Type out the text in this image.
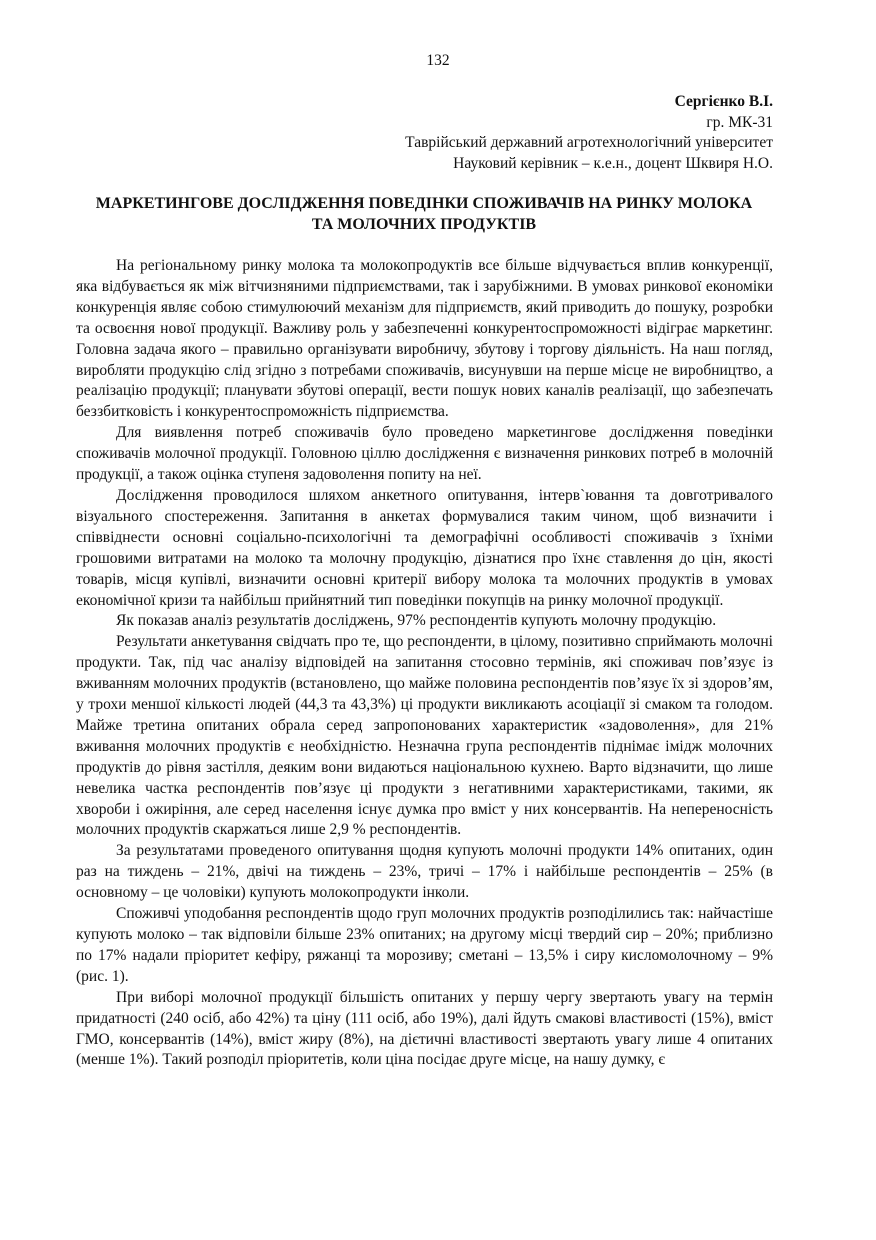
132
Сергієнко В.І.
гр. МК-31
Таврійський державний агротехнологічний університет
Науковий керівник – к.е.н., доцент Шквиря Н.О.
МАРКЕТИНГОВЕ ДОСЛІДЖЕННЯ ПОВЕДІНКИ СПОЖИВАЧІВ НА РИНКУ МОЛОКА
ТА МОЛОЧНИХ ПРОДУКТІВ

На регіональному ринку молока та молокопродуктів все більше відчувається вплив конкуренції, яка відбувається як між вітчизняними підприємствами, так і зарубіжними. В умовах ринкової економіки конкуренція являє собою стимулюючий механізм для підприємств, який приводить до пошуку, розробки та освоєння нової продукції. Важливу роль у забезпеченні конкурентоспроможності відіграє маркетинг. Головна задача якого – правильно організувати виробничу, збутову і торгову діяльність. На наш погляд, виробляти продукцію слід згідно з потребами споживачів, висунувши на перше місце не виробництво, а реалізацію продукції; планувати збутові операції, вести пошук нових каналів реалізації, що забезпечать беззбитковість і конкурентоспроможність підприємства.

Для виявлення потреб споживачів було проведено маркетингове дослідження поведінки споживачів молочної продукції. Головною ціллю дослідження є визначення ринкових потреб в молочній продукції, а також оцінка ступеня задоволення попиту на неї.

Дослідження проводилося шляхом анкетного опитування, інтерв`ювання та довготривалого візуального спостереження. Запитання в анкетах формувалися таким чином, щоб визначити і співвіднести основні соціально-психологічні та демографічні особливості споживачів з їхніми грошовими витратами на молоко та молочну продукцію, дізнатися про їхнє ставлення до цін, якості товарів, місця купівлі, визначити основні критерії вибору молока та молочних продуктів в умовах економічної кризи та найбільш прийнятний тип поведінки покупців на ринку молочної продукції.

Як показав аналіз результатів досліджень, 97% респондентів купують молочну продукцію.

Результати анкетування свідчать про те, що респонденти, в цілому, позитивно сприймають молочні продукти. Так, під час аналізу відповідей на запитання стосовно термінів, які споживач пов’язує із вживанням молочних продуктів (встановлено, що майже половина респондентів пов’язує їх зі здоров’ям, у трохи меншої кількості людей (44,3 та 43,3%) ці продукти викликають асоціації зі смаком та голодом. Майже третина опитаних обрала серед запропонованих характеристик «задоволення», для 21% вживання молочних продуктів є необхідністю. Незначна група респондентів піднімає імідж молочних продуктів до рівня застілля, деяким вони видаються національною кухнею. Варто відзначити, що лише невелика частка респондентів пов’язує ці продукти з негативними характеристиками, такими, як хвороби і ожиріння, але серед населення існує думка про вміст у них консервантів. На непереносність молочних продуктів скаржаться лише 2,9 % респондентів.

За результатами проведеного опитування щодня купують молочні продукти 14% опитаних, один раз на тиждень – 21%, двічі на тиждень – 23%, тричі – 17% і найбільше респондентів – 25% (в основному – це чоловіки) купують молокопродукти інколи.

Споживчі уподобання респондентів щодо груп молочних продуктів розподілились так: найчастіше купують молоко – так відповіли більше 23% опитаних; на другому місці твердий сир – 20%; приблизно по 17% надали пріоритет кефіру, ряжанці та морозиву; сметані – 13,5% і сиру кисломолочному – 9% (рис. 1).

При виборі молочної продукції більшість опитаних у першу чергу звертають увагу на термін придатності (240 осіб, або 42%) та ціну (111 осіб, або 19%), далі йдуть смакові властивості (15%), вміст ГМО, консервантів (14%), вміст жиру (8%), на дієтичні властивості звертають увагу лише 4 опитаних (менше 1%). Такий розподіл пріоритетів, коли ціна посідає друге місце, на нашу думку, є
